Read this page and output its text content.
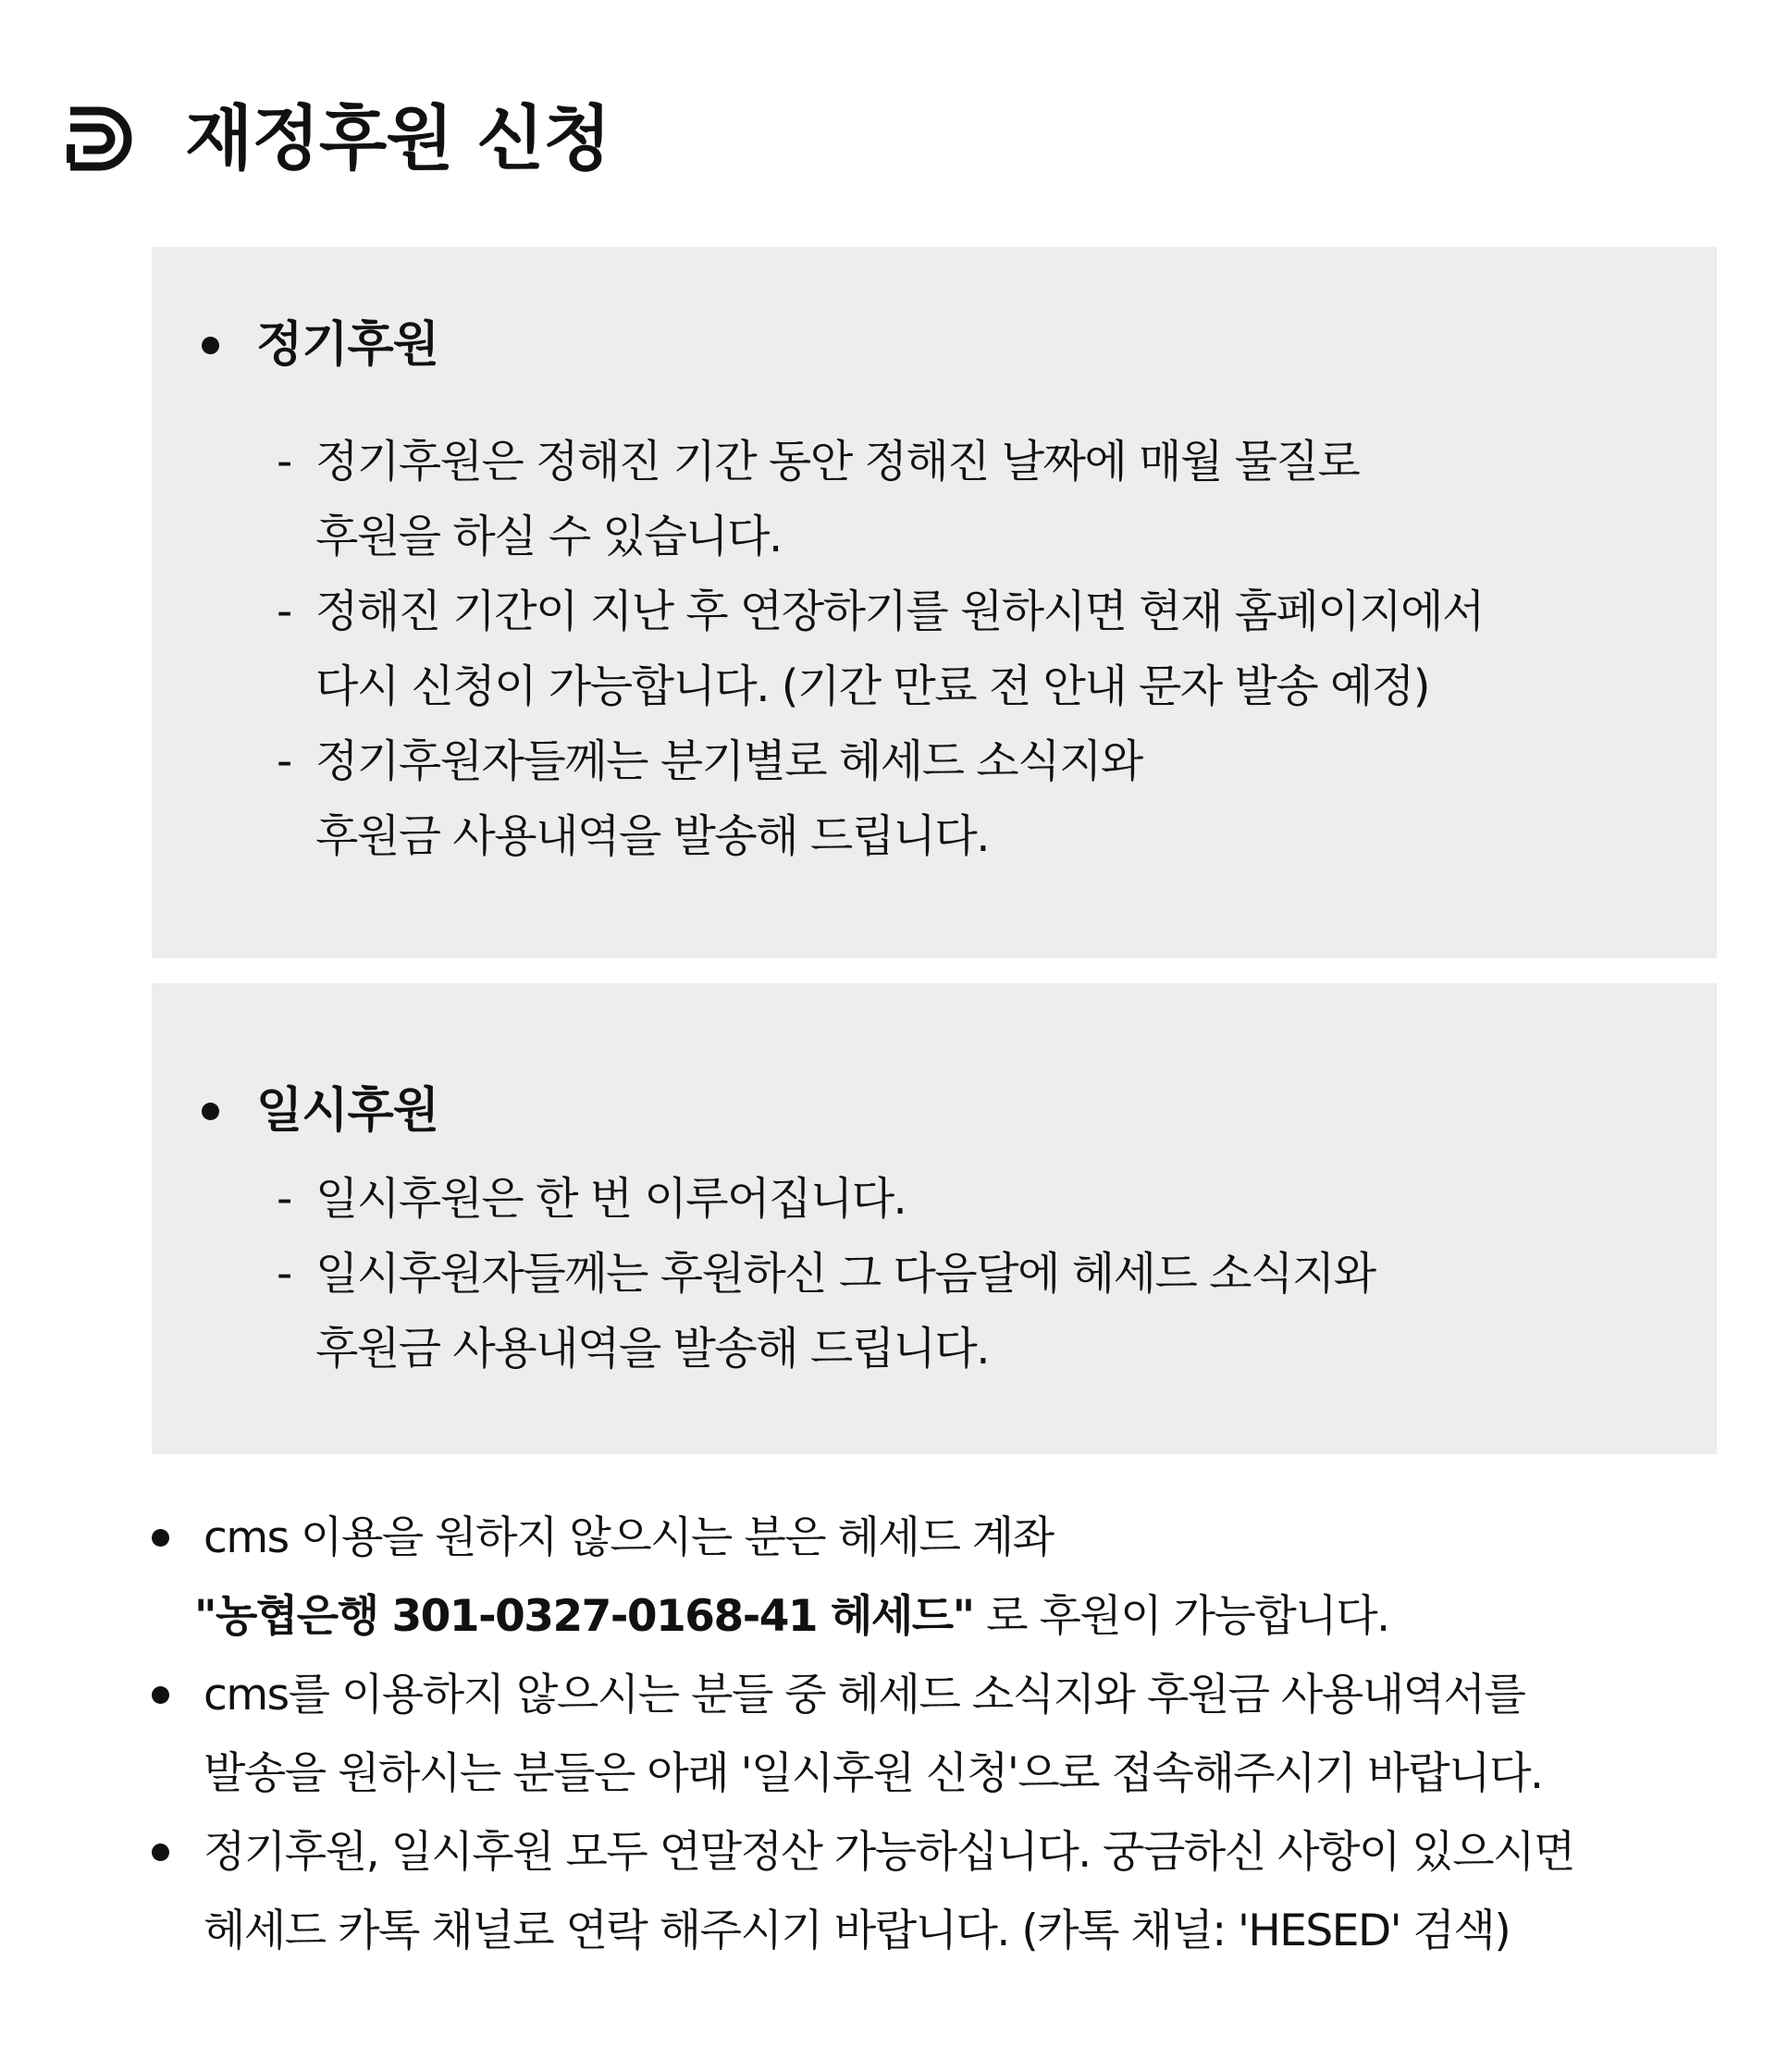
재정후원 신청
정기후원
- 정기후원은 정해진 기간 동안 정해진 날짜에 매월 물질로
후원을 하실 수 있습니다.
- 정해진 기간이 지난 후 연장하기를 원하시면 현재 홈페이지에서
다시 신청이 가능합니다. (기간 만료 전 안내 문자 발송 예정)
- 정기후원자들께는 분기별로 헤세드 소식지와
후원금 사용내역을 발송해 드립니다.
일시후원
- 일시후원은 한 번 이루어집니다.
- 일시후원자들께는 후원하신 그 다음달에 헤세드 소식지와
후원금 사용내역을 발송해 드립니다.
cms 이용을 원하지 않으시는 분은 헤세드 계좌
"농협은행 301-0327-0168-41 헤세드" 로 후원이 가능합니다.
cms를 이용하지 않으시는 분들 중 헤세드 소식지와 후원금 사용내역서를
발송을 원하시는 분들은 아래 '일시후원 신청'으로 접속해주시기 바랍니다.
정기후원, 일시후원 모두 연말정산 가능하십니다. 궁금하신 사항이 있으시면
헤세드 카톡 채널로 연락 해주시기 바랍니다. (카톡 채널: 'HESED' 검색)
